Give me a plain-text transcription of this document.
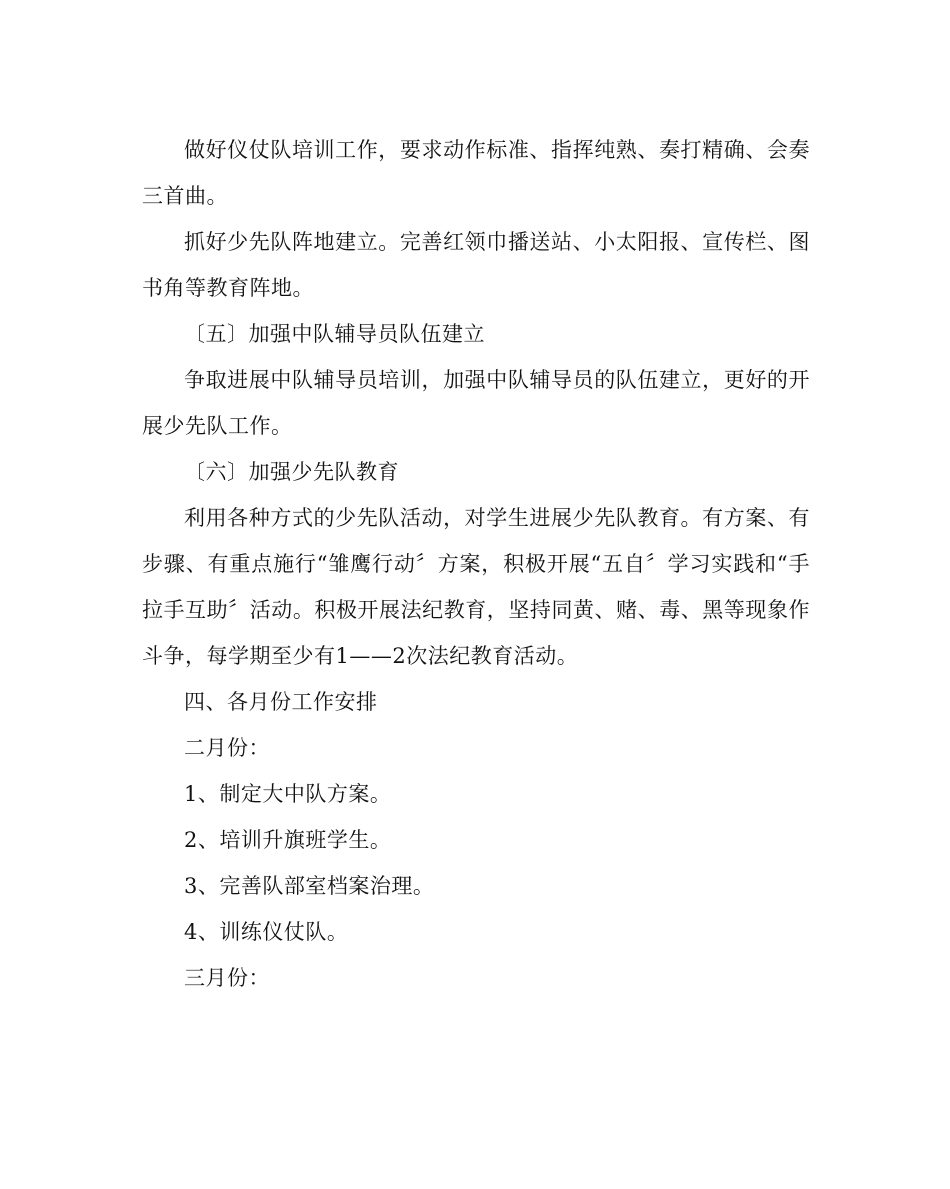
做好仪仗队培训工作，要求动作标准、指挥纯熟、奏打精确、会奏三首曲。

抓好少先队阵地建立。完善红领巾播送站、小太阳报、宣传栏、图书角等教育阵地。

〔五〕加强中队辅导员队伍建立

争取进展中队辅导员培训，加强中队辅导员的队伍建立，更好的开展少先队工作。

〔六〕加强少先队教育

利用各种方式的少先队活动，对学生进展少先队教育。有方案、有步骤、有重点施行“雏鹰行动〞方案，积极开展“五自〞学习实践和“手拉手互助〞活动。积极开展法纪教育，坚持同黄、赌、毒、黑等现象作斗争，每学期至少有1——2次法纪教育活动。

四、各月份工作安排

二月份：

1、制定大中队方案。

2、培训升旗班学生。

3、完善队部室档案治理。

4、训练仪仗队。

三月份：
